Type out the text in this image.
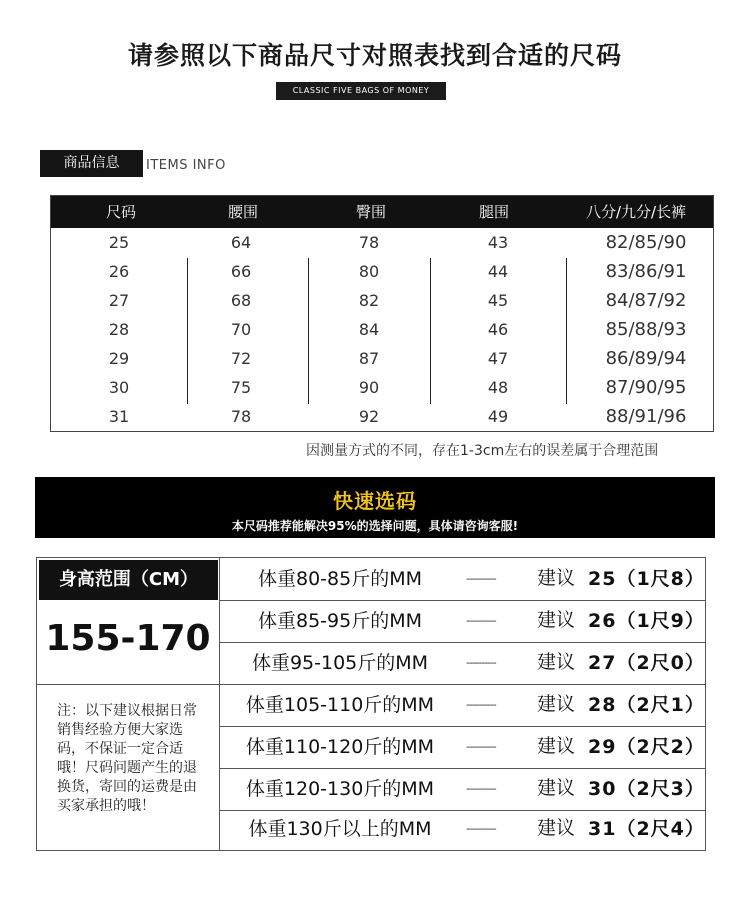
请参照以下商品尺寸对照表找到合适的尺码
CLASSIC FIVE BAGS OF MONEY
商品信息	ITEMS INFO
尺码	腰围	臀围	腿围	八分/九分/长裤
25	64	78	43	82/85/90
26	66	80	44	83/86/91
27	68	82	45	84/87/92
28	70	84	46	85/88/93
29	72	87	47	86/89/94
30	75	90	48	87/90/95
31	78	92	49	88/91/96
因测量方式的不同，存在1-3cm左右的误差属于合理范围
快速选码
本尺码推荐能解决95%的选择问题，具体请咨询客服!
身高范围（CM）
155-170
注：以下建议根据日常销售经验方便大家选码，不保证一定合适哦！尺码问题产生的退换货，寄回的运费是由买家承担的哦！
体重80-85斤的MM	---------- 建议 25（1尺8）
体重85-95斤的MM	---------- 建议 26（1尺9）
体重95-105斤的MM	---------- 建议 27（2尺0）
体重105-110斤的MM	---------- 建议 28（2尺1）
体重110-120斤的MM	---------- 建议 29（2尺2）
体重120-130斤的MM	---------- 建议 30（2尺3）
体重130斤以上的MM	---------- 建议 31（2尺4）
